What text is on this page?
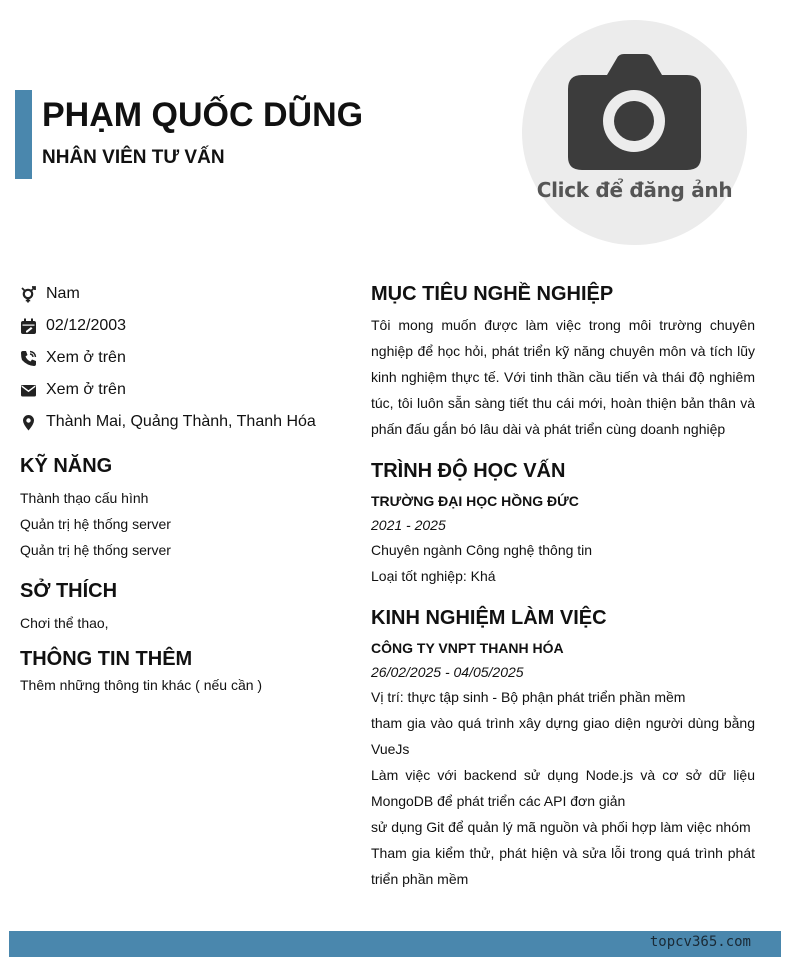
PHẠM QUỐC DŨNG
NHÂN VIÊN TƯ VẤN
Click để đăng ảnh
Nam
02/12/2003
Xem ở trên
Xem ở trên
Thành Mai, Quảng Thành, Thanh Hóa
KỸ NĂNG
Thành thạo cấu hình
Quản trị hệ thống server
Quản trị hệ thống server
SỞ THÍCH
Chơi thể thao,
THÔNG TIN THÊM
Thêm những thông tin khác ( nếu cần )
MỤC TIÊU NGHỀ NGHIỆP
Tôi mong muốn được làm việc trong môi trường chuyên nghiệp để học hỏi, phát triển kỹ năng chuyên môn và tích lũy kinh nghiệm thực tế. Với tinh thần cầu tiến và thái độ nghiêm túc, tôi luôn sẵn sàng tiết thu cái mới, hoàn thiện bản thân và phấn đấu gắn bó lâu dài và phát triển cùng doanh nghiệp
TRÌNH ĐỘ HỌC VẤN
TRƯỜNG ĐẠI HỌC HỒNG ĐỨC
2021 - 2025
Chuyên ngành Công nghệ thông tin
Loại tốt nghiệp: Khá
KINH NGHIỆM LÀM VIỆC
CÔNG TY VNPT THANH HÓA
26/02/2025 - 04/05/2025
Vị trí: thực tập sinh - Bộ phận phát triển phần mềm
tham gia vào quá trình xây dựng giao diện người dùng bằng VueJs
Làm việc với backend sử dụng Node.js và cơ sở dữ liệu MongoDB để phát triển các API đơn giản
sử dụng Git để quản lý mã nguồn và phối hợp làm việc nhóm
Tham gia kiểm thử, phát hiện và sửa lỗi trong quá trình phát triển phần mềm
topcv365.com
